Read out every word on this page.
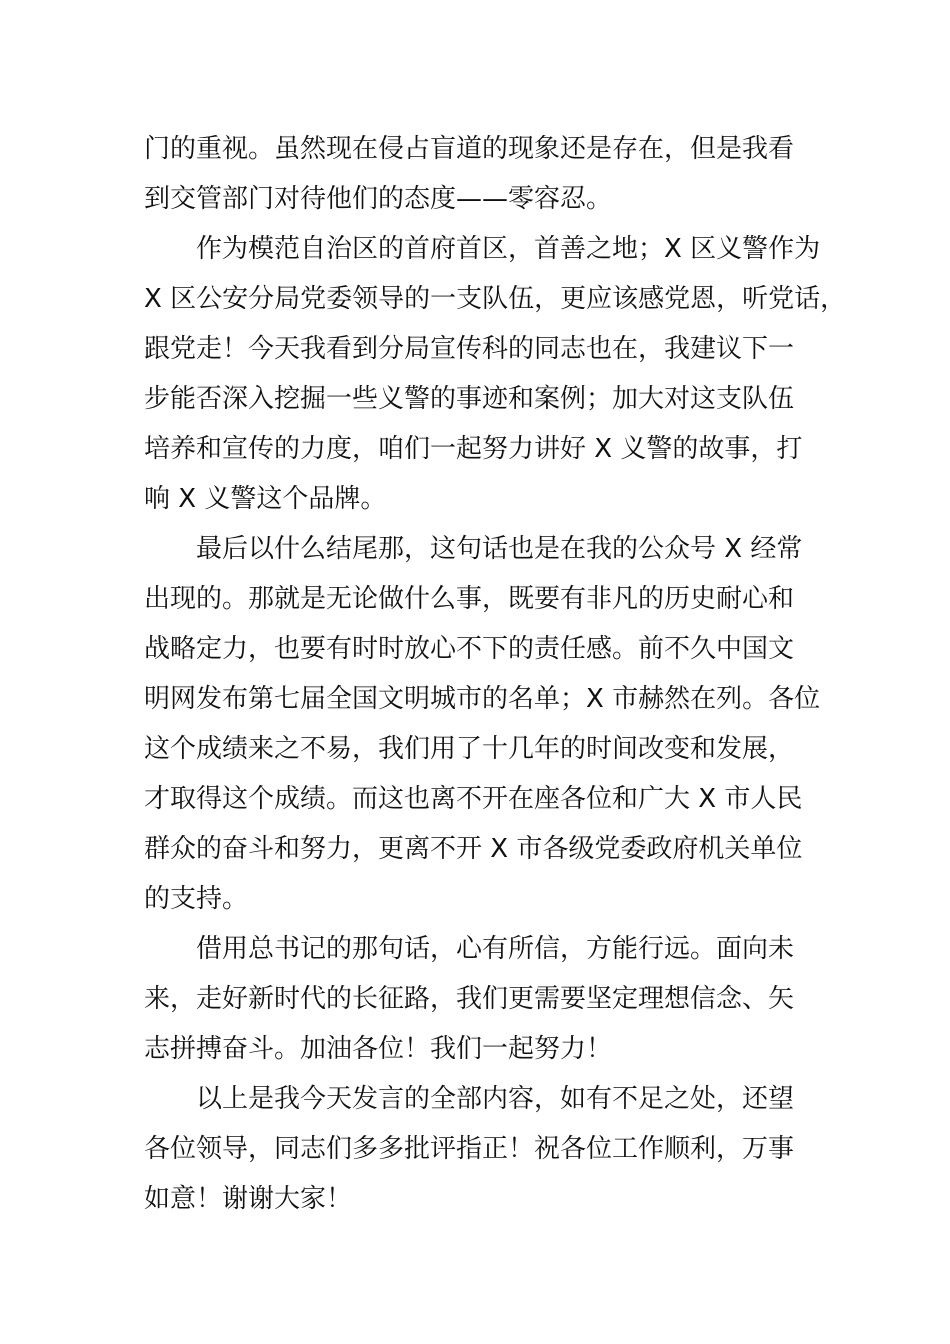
门的重视。虽然现在侵占盲道的现象还是存在，但是我看
到交管部门对待他们的态度——零容忍。

作为模范自治区的首府首区，首善之地；X 区义警作为
X 区公安分局党委领导的一支队伍，更应该感党恩，听党话，
跟党走！今天我看到分局宣传科的同志也在，我建议下一
步能否深入挖掘一些义警的事迹和案例；加大对这支队伍
培养和宣传的力度，咱们一起努力讲好 X 义警的故事，打
响 X 义警这个品牌。

最后以什么结尾那，这句话也是在我的公众号 X 经常
出现的。那就是无论做什么事，既要有非凡的历史耐心和
战略定力，也要有时时放心不下的责任感。前不久中国文
明网发布第七届全国文明城市的名单；X 市赫然在列。各位
这个成绩来之不易，我们用了十几年的时间改变和发展，
才取得这个成绩。而这也离不开在座各位和广大 X 市人民
群众的奋斗和努力，更离不开 X 市各级党委政府机关单位
的支持。

借用总书记的那句话，心有所信，方能行远。面向未
来，走好新时代的长征路，我们更需要坚定理想信念、矢
志拼搏奋斗。加油各位！我们一起努力！

以上是我今天发言的全部内容，如有不足之处，还望
各位领导，同志们多多批评指正！祝各位工作顺利，万事
如意！谢谢大家！
